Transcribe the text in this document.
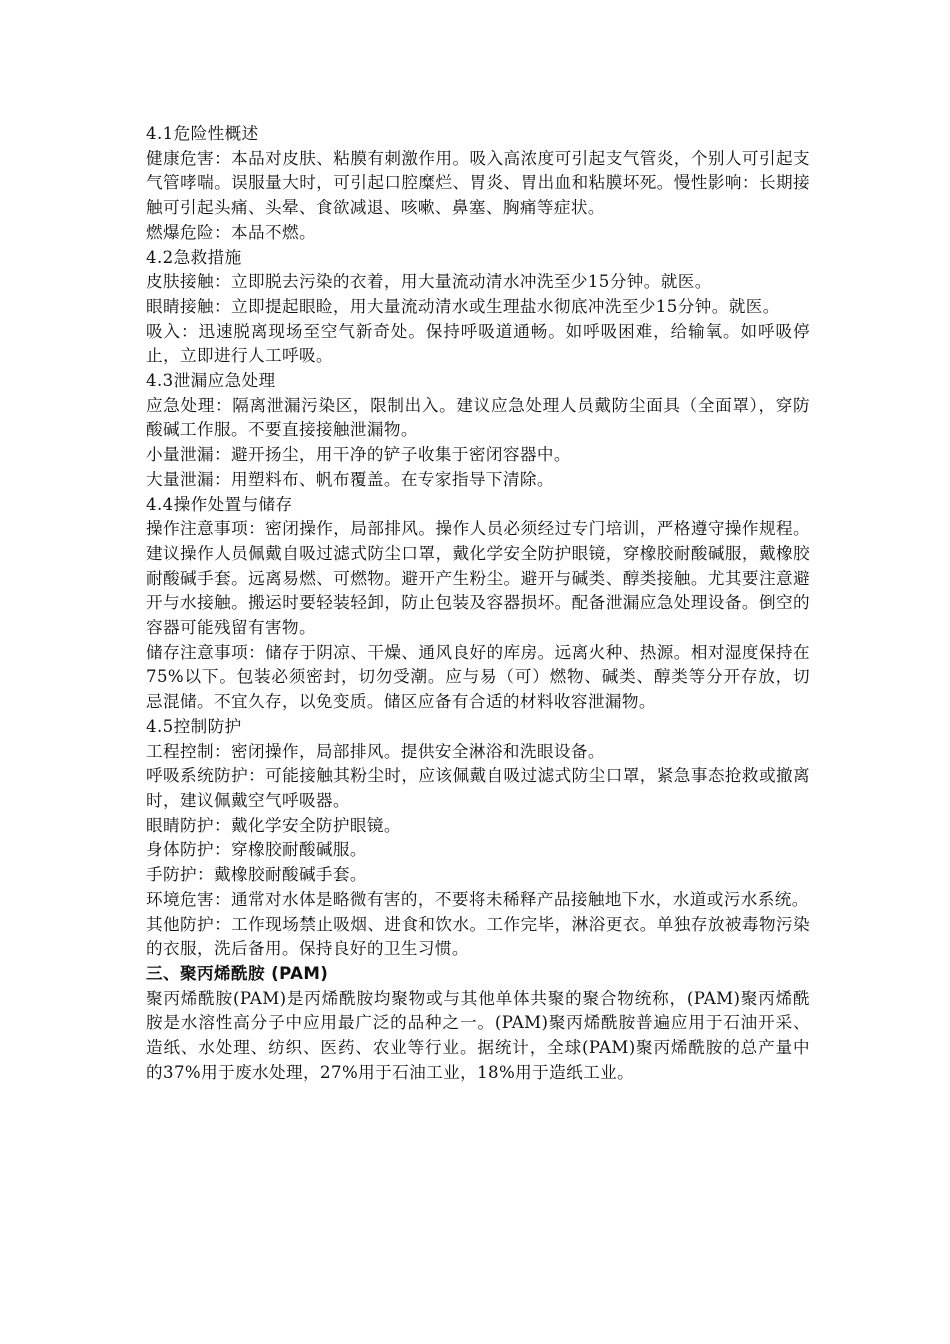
4.1危险性概述

健康危害：本品对皮肤、粘膜有刺激作用。吸入高浓度可引起支气管炎，个别人可引起支气管哮喘。误服量大时，可引起口腔糜烂、胃炎、胃出血和粘膜坏死。慢性影响：长期接触可引起头痛、头晕、食欲减退、咳嗽、鼻塞、胸痛等症状。

燃爆危险：本品不燃。

4.2急救措施

皮肤接触：立即脱去污染的衣着，用大量流动清水冲洗至少15分钟。就医。

眼睛接触：立即提起眼睑，用大量流动清水或生理盐水彻底冲洗至少15分钟。就医。

吸入：迅速脱离现场至空气新奇处。保持呼吸道通畅。如呼吸困难，给输氧。如呼吸停止，立即进行人工呼吸。

4.3泄漏应急处理

应急处理：隔离泄漏污染区，限制出入。建议应急处理人员戴防尘面具（全面罩），穿防酸碱工作服。不要直接接触泄漏物。

小量泄漏：避开扬尘，用干净的铲子收集于密闭容器中。

大量泄漏：用塑料布、帆布覆盖。在专家指导下清除。

4.4操作处置与储存

操作注意事项：密闭操作，局部排风。操作人员必须经过专门培训，严格遵守操作规程。建议操作人员佩戴自吸过滤式防尘口罩，戴化学安全防护眼镜，穿橡胶耐酸碱服，戴橡胶耐酸碱手套。远离易燃、可燃物。避开产生粉尘。避开与碱类、醇类接触。尤其要注意避开与水接触。搬运时要轻装轻卸，防止包装及容器损坏。配备泄漏应急处理设备。倒空的容器可能残留有害物。

储存注意事项：储存于阴凉、干燥、通风良好的库房。远离火种、热源。相对湿度保持在75%以下。包装必须密封，切勿受潮。应与易（可）燃物、碱类、醇类等分开存放，切忌混储。不宜久存，以免变质。储区应备有合适的材料收容泄漏物。

4.5控制防护

工程控制：密闭操作，局部排风。提供安全淋浴和洗眼设备。

呼吸系统防护：可能接触其粉尘时，应该佩戴自吸过滤式防尘口罩，紧急事态抢救或撤离时，建议佩戴空气呼吸器。

眼睛防护：戴化学安全防护眼镜。

身体防护：穿橡胶耐酸碱服。

手防护：戴橡胶耐酸碱手套。

环境危害：通常对水体是略微有害的，不要将未稀释产品接触地下水，水道或污水系统。

其他防护：工作现场禁止吸烟、进食和饮水。工作完毕，淋浴更衣。单独存放被毒物污染的衣服，洗后备用。保持良好的卫生习惯。

三、聚丙烯酰胺 (PAM)

聚丙烯酰胺(PAM)是丙烯酰胺均聚物或与其他单体共聚的聚合物统称，(PAM)聚丙烯酰胺是水溶性高分子中应用最广泛的品种之一。(PAM)聚丙烯酰胺普遍应用于石油开采、造纸、水处理、纺织、医药、农业等行业。据统计，全球(PAM)聚丙烯酰胺的总产量中的37%用于废水处理，27%用于石油工业，18%用于造纸工业。
